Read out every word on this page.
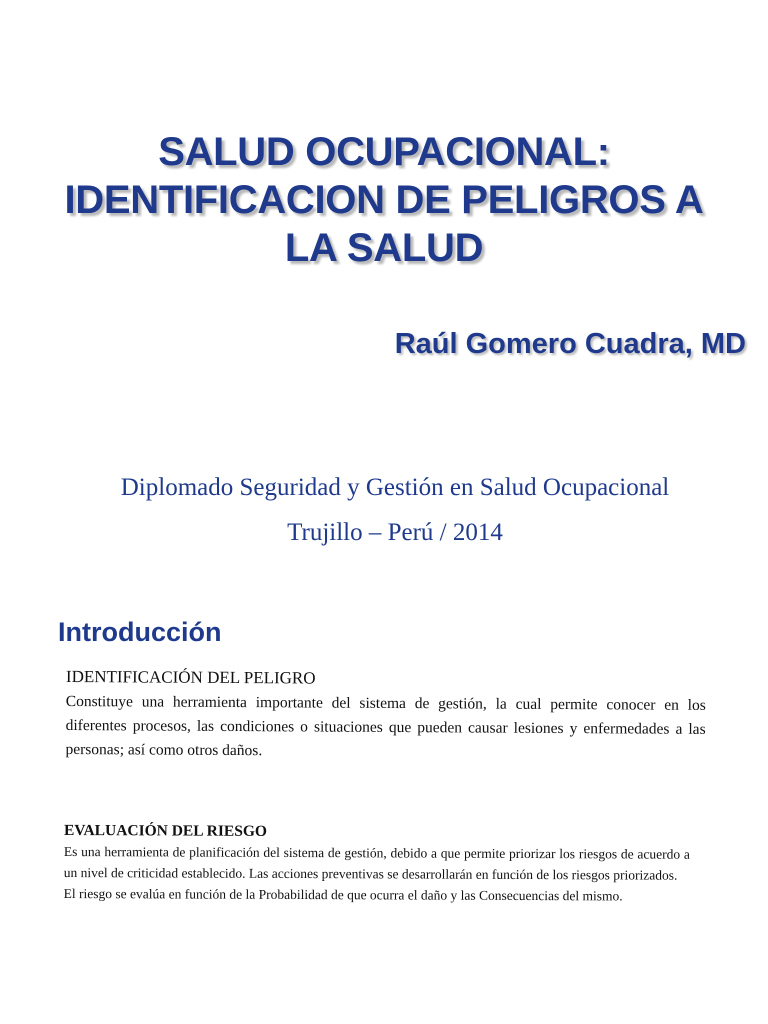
SALUD OCUPACIONAL:
IDENTIFICACION DE PELIGROS A
LA SALUD
Raúl Gomero Cuadra, MD
Diplomado Seguridad y Gestión en Salud Ocupacional
Trujillo – Perú / 2014
Introducción
IDENTIFICACIÓN DEL PELIGRO
Constituye una herramienta importante del sistema de gestión, la cual permite conocer en los diferentes procesos, las condiciones o situaciones que pueden causar lesiones y enfermedades a las personas; así como otros daños.
EVALUACIÓN DEL RIESGO
Es una herramienta de planificación del sistema de gestión, debido a que permite priorizar los riesgos de acuerdo a un nivel de criticidad establecido. Las acciones preventivas se desarrollarán en función de los riesgos priorizados.
El riesgo se evalúa en función de la Probabilidad de que ocurra el daño y las Consecuencias del mismo.
